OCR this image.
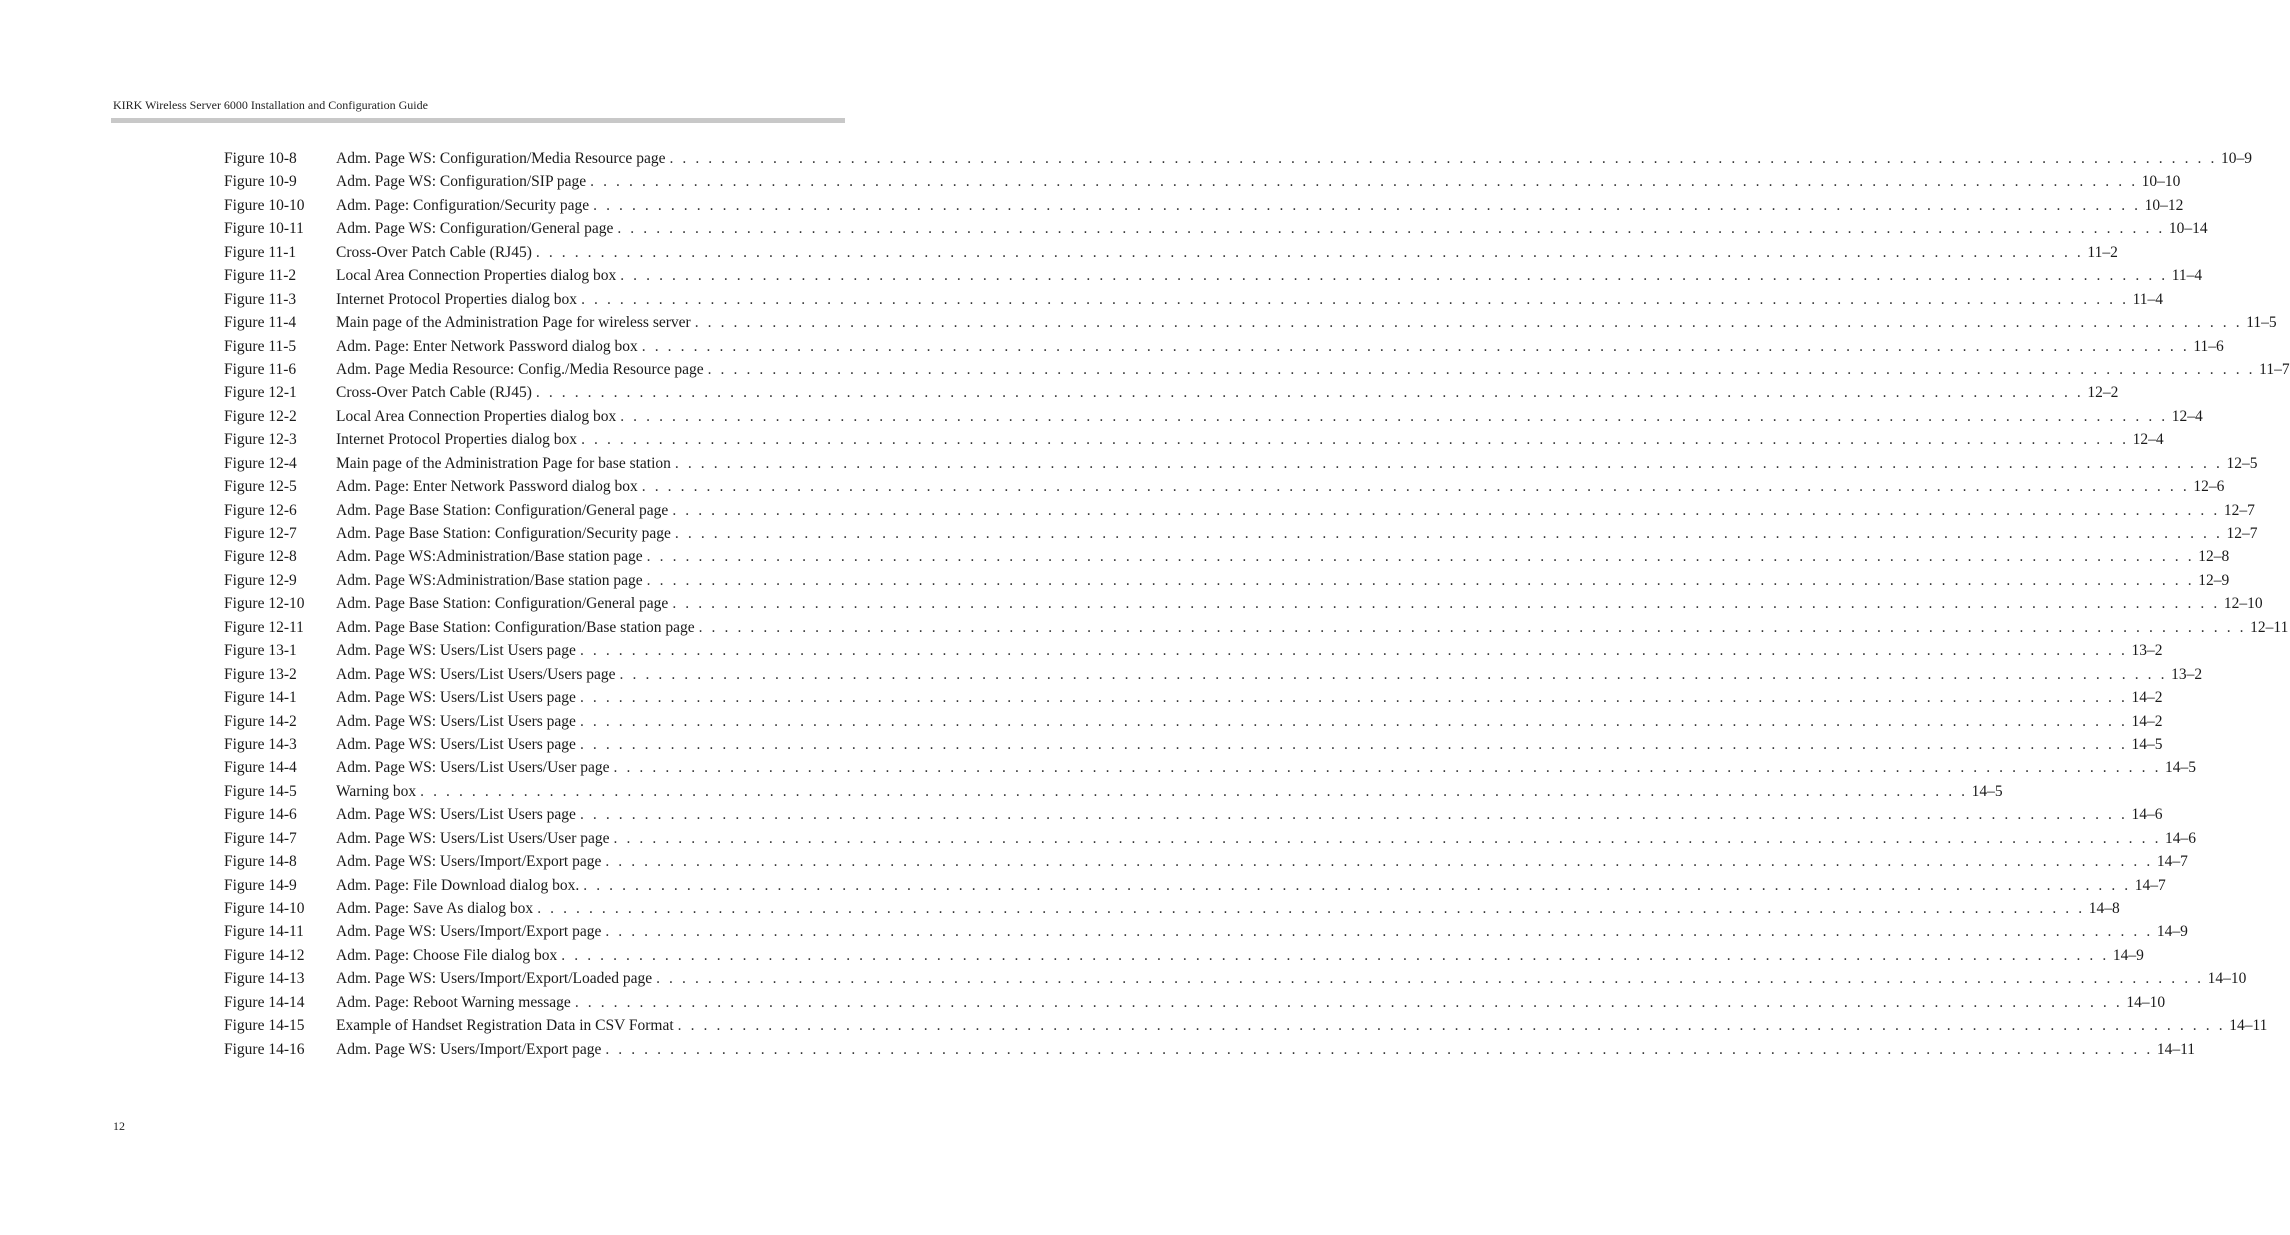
KIRK Wireless Server 6000 Installation and Configuration Guide
Figure 10-8	Adm. Page WS: Configuration/Media Resource page . . . . . . . . . . . . . . . . . . . . . . . . . . . . . . . . . . . . . . . . . . . . . . . . . . . . . . . . . . . . . . . . . . . . . . . . . . . . . . . . . . . . . . . . . . . . . . . . . . . . . . . . . . . . . . . . . . . . . . . . 10–9
Figure 10-9	Adm. Page WS: Configuration/SIP page . . . . . . . . . . . . . . . . . . . . . . . . . . . . . . . . . . . . . . . . . . . . . . . . . . . . . . . . . . . . . . . . . . . . . . . . . . . . . . . . . . . . . . . . . . . . . . . . . . . . . . . . . . . . . . . . . . . . . . . . 10–10
Figure 10-10	Adm. Page: Configuration/Security page . . . . . . . . . . . . . . . . . . . . . . . . . . . . . . . . . . . . . . . . . . . . . . . . . . . . . . . . . . . . . . . . . . . . . . . . . . . . . . . . . . . . . . . . . . . . . . . . . . . . . . . . . . . . . . . . . . . . . . . . 10–12
Figure 10-11	Adm. Page WS: Configuration/General page . . . . . . . . . . . . . . . . . . . . . . . . . . . . . . . . . . . . . . . . . . . . . . . . . . . . . . . . . . . . . . . . . . . . . . . . . . . . . . . . . . . . . . . . . . . . . . . . . . . . . . . . . . . . . . . . . . . . . . . . 10–14
Figure 11-1	Cross-Over Patch Cable (RJ45) . . . . . . . . . . . . . . . . . . . . . . . . . . . . . . . . . . . . . . . . . . . . . . . . . . . . . . . . . . . . . . . . . . . . . . . . . . . . . . . . . . . . . . . . . . . . . . . . . . . . . . . . . . . . . . . . . . . . . . . . 11–2
Figure 11-2	Local Area Connection Properties dialog box . . . . . . . . . . . . . . . . . . . . . . . . . . . . . . . . . . . . . . . . . . . . . . . . . . . . . . . . . . . . . . . . . . . . . . . . . . . . . . . . . . . . . . . . . . . . . . . . . . . . . . . . . . . . . . . . . . . . . . . . 11–4
Figure 11-3	Internet Protocol Properties dialog box . . . . . . . . . . . . . . . . . . . . . . . . . . . . . . . . . . . . . . . . . . . . . . . . . . . . . . . . . . . . . . . . . . . . . . . . . . . . . . . . . . . . . . . . . . . . . . . . . . . . . . . . . . . . . . . . . . . . . . . . 11–4
Figure 11-4	Main page of the Administration Page for wireless server . . . . . . . . . . . . . . . . . . . . . . . . . . . . . . . . . . . . . . . . . . . . . . . . . . . . . . . . . . . . . . . . . . . . . . . . . . . . . . . . . . . . . . . . . . . . . . . . . . . . . . . . . . . . . . . . . . . . . . . . 11–5
Figure 11-5	Adm. Page: Enter Network Password dialog box . . . . . . . . . . . . . . . . . . . . . . . . . . . . . . . . . . . . . . . . . . . . . . . . . . . . . . . . . . . . . . . . . . . . . . . . . . . . . . . . . . . . . . . . . . . . . . . . . . . . . . . . . . . . . . . . . . . . . . . . 11–6
Figure 11-6	Adm. Page Media Resource: Config./Media Resource page . . . . . . . . . . . . . . . . . . . . . . . . . . . . . . . . . . . . . . . . . . . . . . . . . . . . . . . . . . . . . . . . . . . . . . . . . . . . . . . . . . . . . . . . . . . . . . . . . . . . . . . . . . . . . . . . . . . . . . . . 11–7
Figure 12-1	Cross-Over Patch Cable (RJ45) . . . . . . . . . . . . . . . . . . . . . . . . . . . . . . . . . . . . . . . . . . . . . . . . . . . . . . . . . . . . . . . . . . . . . . . . . . . . . . . . . . . . . . . . . . . . . . . . . . . . . . . . . . . . . . . . . . . . . . . . 12–2
Figure 12-2	Local Area Connection Properties dialog box . . . . . . . . . . . . . . . . . . . . . . . . . . . . . . . . . . . . . . . . . . . . . . . . . . . . . . . . . . . . . . . . . . . . . . . . . . . . . . . . . . . . . . . . . . . . . . . . . . . . . . . . . . . . . . . . . . . . . . . . 12–4
Figure 12-3	Internet Protocol Properties dialog box . . . . . . . . . . . . . . . . . . . . . . . . . . . . . . . . . . . . . . . . . . . . . . . . . . . . . . . . . . . . . . . . . . . . . . . . . . . . . . . . . . . . . . . . . . . . . . . . . . . . . . . . . . . . . . . . . . . . . . . . 12–4
Figure 12-4	Main page of the Administration Page for base station . . . . . . . . . . . . . . . . . . . . . . . . . . . . . . . . . . . . . . . . . . . . . . . . . . . . . . . . . . . . . . . . . . . . . . . . . . . . . . . . . . . . . . . . . . . . . . . . . . . . . . . . . . . . . . . . . . . . . . . . 12–5
Figure 12-5	Adm. Page: Enter Network Password dialog box . . . . . . . . . . . . . . . . . . . . . . . . . . . . . . . . . . . . . . . . . . . . . . . . . . . . . . . . . . . . . . . . . . . . . . . . . . . . . . . . . . . . . . . . . . . . . . . . . . . . . . . . . . . . . . . . . . . . . . . . 12–6
Figure 12-6	Adm. Page Base Station: Configuration/General page . . . . . . . . . . . . . . . . . . . . . . . . . . . . . . . . . . . . . . . . . . . . . . . . . . . . . . . . . . . . . . . . . . . . . . . . . . . . . . . . . . . . . . . . . . . . . . . . . . . . . . . . . . . . . . . . . . . . . . . . 12–7
Figure 12-7	Adm. Page Base Station: Configuration/Security page . . . . . . . . . . . . . . . . . . . . . . . . . . . . . . . . . . . . . . . . . . . . . . . . . . . . . . . . . . . . . . . . . . . . . . . . . . . . . . . . . . . . . . . . . . . . . . . . . . . . . . . . . . . . . . . . . . . . . . . . 12–7
Figure 12-8	Adm. Page WS:Administration/Base station page . . . . . . . . . . . . . . . . . . . . . . . . . . . . . . . . . . . . . . . . . . . . . . . . . . . . . . . . . . . . . . . . . . . . . . . . . . . . . . . . . . . . . . . . . . . . . . . . . . . . . . . . . . . . . . . . . . . . . . . . 12–8
Figure 12-9	Adm. Page WS:Administration/Base station page . . . . . . . . . . . . . . . . . . . . . . . . . . . . . . . . . . . . . . . . . . . . . . . . . . . . . . . . . . . . . . . . . . . . . . . . . . . . . . . . . . . . . . . . . . . . . . . . . . . . . . . . . . . . . . . . . . . . . . . . 12–9
Figure 12-10	Adm. Page Base Station: Configuration/General page . . . . . . . . . . . . . . . . . . . . . . . . . . . . . . . . . . . . . . . . . . . . . . . . . . . . . . . . . . . . . . . . . . . . . . . . . . . . . . . . . . . . . . . . . . . . . . . . . . . . . . . . . . . . . . . . . . . . . . . . 12–10
Figure 12-11	Adm. Page Base Station: Configuration/Base station page . . . . . . . . . . . . . . . . . . . . . . . . . . . . . . . . . . . . . . . . . . . . . . . . . . . . . . . . . . . . . . . . . . . . . . . . . . . . . . . . . . . . . . . . . . . . . . . . . . . . . . . . . . . . . . . . . . . . . . . . 12–11
Figure 13-1	Adm. Page WS: Users/List Users page . . . . . . . . . . . . . . . . . . . . . . . . . . . . . . . . . . . . . . . . . . . . . . . . . . . . . . . . . . . . . . . . . . . . . . . . . . . . . . . . . . . . . . . . . . . . . . . . . . . . . . . . . . . . . . . . . . . . . . . . 13–2
Figure 13-2	Adm. Page WS: Users/List Users/Users page . . . . . . . . . . . . . . . . . . . . . . . . . . . . . . . . . . . . . . . . . . . . . . . . . . . . . . . . . . . . . . . . . . . . . . . . . . . . . . . . . . . . . . . . . . . . . . . . . . . . . . . . . . . . . . . . . . . . . . . . 13–2
Figure 14-1	Adm. Page WS: Users/List Users page . . . . . . . . . . . . . . . . . . . . . . . . . . . . . . . . . . . . . . . . . . . . . . . . . . . . . . . . . . . . . . . . . . . . . . . . . . . . . . . . . . . . . . . . . . . . . . . . . . . . . . . . . . . . . . . . . . . . . . . . 14–2
Figure 14-2	Adm. Page WS: Users/List Users page . . . . . . . . . . . . . . . . . . . . . . . . . . . . . . . . . . . . . . . . . . . . . . . . . . . . . . . . . . . . . . . . . . . . . . . . . . . . . . . . . . . . . . . . . . . . . . . . . . . . . . . . . . . . . . . . . . . . . . . . 14–2
Figure 14-3	Adm. Page WS: Users/List Users page . . . . . . . . . . . . . . . . . . . . . . . . . . . . . . . . . . . . . . . . . . . . . . . . . . . . . . . . . . . . . . . . . . . . . . . . . . . . . . . . . . . . . . . . . . . . . . . . . . . . . . . . . . . . . . . . . . . . . . . . 14–5
Figure 14-4	Adm. Page WS: Users/List Users/User page . . . . . . . . . . . . . . . . . . . . . . . . . . . . . . . . . . . . . . . . . . . . . . . . . . . . . . . . . . . . . . . . . . . . . . . . . . . . . . . . . . . . . . . . . . . . . . . . . . . . . . . . . . . . . . . . . . . . . . . . 14–5
Figure 14-5	Warning box . . . . . . . . . . . . . . . . . . . . . . . . . . . . . . . . . . . . . . . . . . . . . . . . . . . . . . . . . . . . . . . . . . . . . . . . . . . . . . . . . . . . . . . . . . . . . . . . . . . . . . . . . . . . . . . . . . . . . . . . 14–5
Figure 14-6	Adm. Page WS: Users/List Users page . . . . . . . . . . . . . . . . . . . . . . . . . . . . . . . . . . . . . . . . . . . . . . . . . . . . . . . . . . . . . . . . . . . . . . . . . . . . . . . . . . . . . . . . . . . . . . . . . . . . . . . . . . . . . . . . . . . . . . . . 14–6
Figure 14-7	Adm. Page WS: Users/List Users/User page . . . . . . . . . . . . . . . . . . . . . . . . . . . . . . . . . . . . . . . . . . . . . . . . . . . . . . . . . . . . . . . . . . . . . . . . . . . . . . . . . . . . . . . . . . . . . . . . . . . . . . . . . . . . . . . . . . . . . . . . 14–6
Figure 14-8	Adm. Page WS: Users/Import/Export page . . . . . . . . . . . . . . . . . . . . . . . . . . . . . . . . . . . . . . . . . . . . . . . . . . . . . . . . . . . . . . . . . . . . . . . . . . . . . . . . . . . . . . . . . . . . . . . . . . . . . . . . . . . . . . . . . . . . . . . . 14–7
Figure 14-9	Adm. Page: File Download dialog box. . . . . . . . . . . . . . . . . . . . . . . . . . . . . . . . . . . . . . . . . . . . . . . . . . . . . . . . . . . . . . . . . . . . . . . . . . . . . . . . . . . . . . . . . . . . . . . . . . . . . . . . . . . . . . . . . . . . . . . . . 14–7
Figure 14-10	Adm. Page: Save As dialog box . . . . . . . . . . . . . . . . . . . . . . . . . . . . . . . . . . . . . . . . . . . . . . . . . . . . . . . . . . . . . . . . . . . . . . . . . . . . . . . . . . . . . . . . . . . . . . . . . . . . . . . . . . . . . . . . . . . . . . . . 14–8
Figure 14-11	Adm. Page WS: Users/Import/Export page . . . . . . . . . . . . . . . . . . . . . . . . . . . . . . . . . . . . . . . . . . . . . . . . . . . . . . . . . . . . . . . . . . . . . . . . . . . . . . . . . . . . . . . . . . . . . . . . . . . . . . . . . . . . . . . . . . . . . . . . 14–9
Figure 14-12	Adm. Page: Choose File dialog box . . . . . . . . . . . . . . . . . . . . . . . . . . . . . . . . . . . . . . . . . . . . . . . . . . . . . . . . . . . . . . . . . . . . . . . . . . . . . . . . . . . . . . . . . . . . . . . . . . . . . . . . . . . . . . . . . . . . . . . . 14–9
Figure 14-13	Adm. Page WS: Users/Import/Export/Loaded page . . . . . . . . . . . . . . . . . . . . . . . . . . . . . . . . . . . . . . . . . . . . . . . . . . . . . . . . . . . . . . . . . . . . . . . . . . . . . . . . . . . . . . . . . . . . . . . . . . . . . . . . . . . . . . . . . . . . . . . . 14–10
Figure 14-14	Adm. Page: Reboot Warning message . . . . . . . . . . . . . . . . . . . . . . . . . . . . . . . . . . . . . . . . . . . . . . . . . . . . . . . . . . . . . . . . . . . . . . . . . . . . . . . . . . . . . . . . . . . . . . . . . . . . . . . . . . . . . . . . . . . . . . . . 14–10
Figure 14-15	Example of Handset Registration Data in CSV Format . . . . . . . . . . . . . . . . . . . . . . . . . . . . . . . . . . . . . . . . . . . . . . . . . . . . . . . . . . . . . . . . . . . . . . . . . . . . . . . . . . . . . . . . . . . . . . . . . . . . . . . . . . . . . . . . . . . . . . . . 14–11
Figure 14-16	Adm. Page WS: Users/Import/Export page . . . . . . . . . . . . . . . . . . . . . . . . . . . . . . . . . . . . . . . . . . . . . . . . . . . . . . . . . . . . . . . . . . . . . . . . . . . . . . . . . . . . . . . . . . . . . . . . . . . . . . . . . . . . . . . . . . . . . . . . 14–11
12
